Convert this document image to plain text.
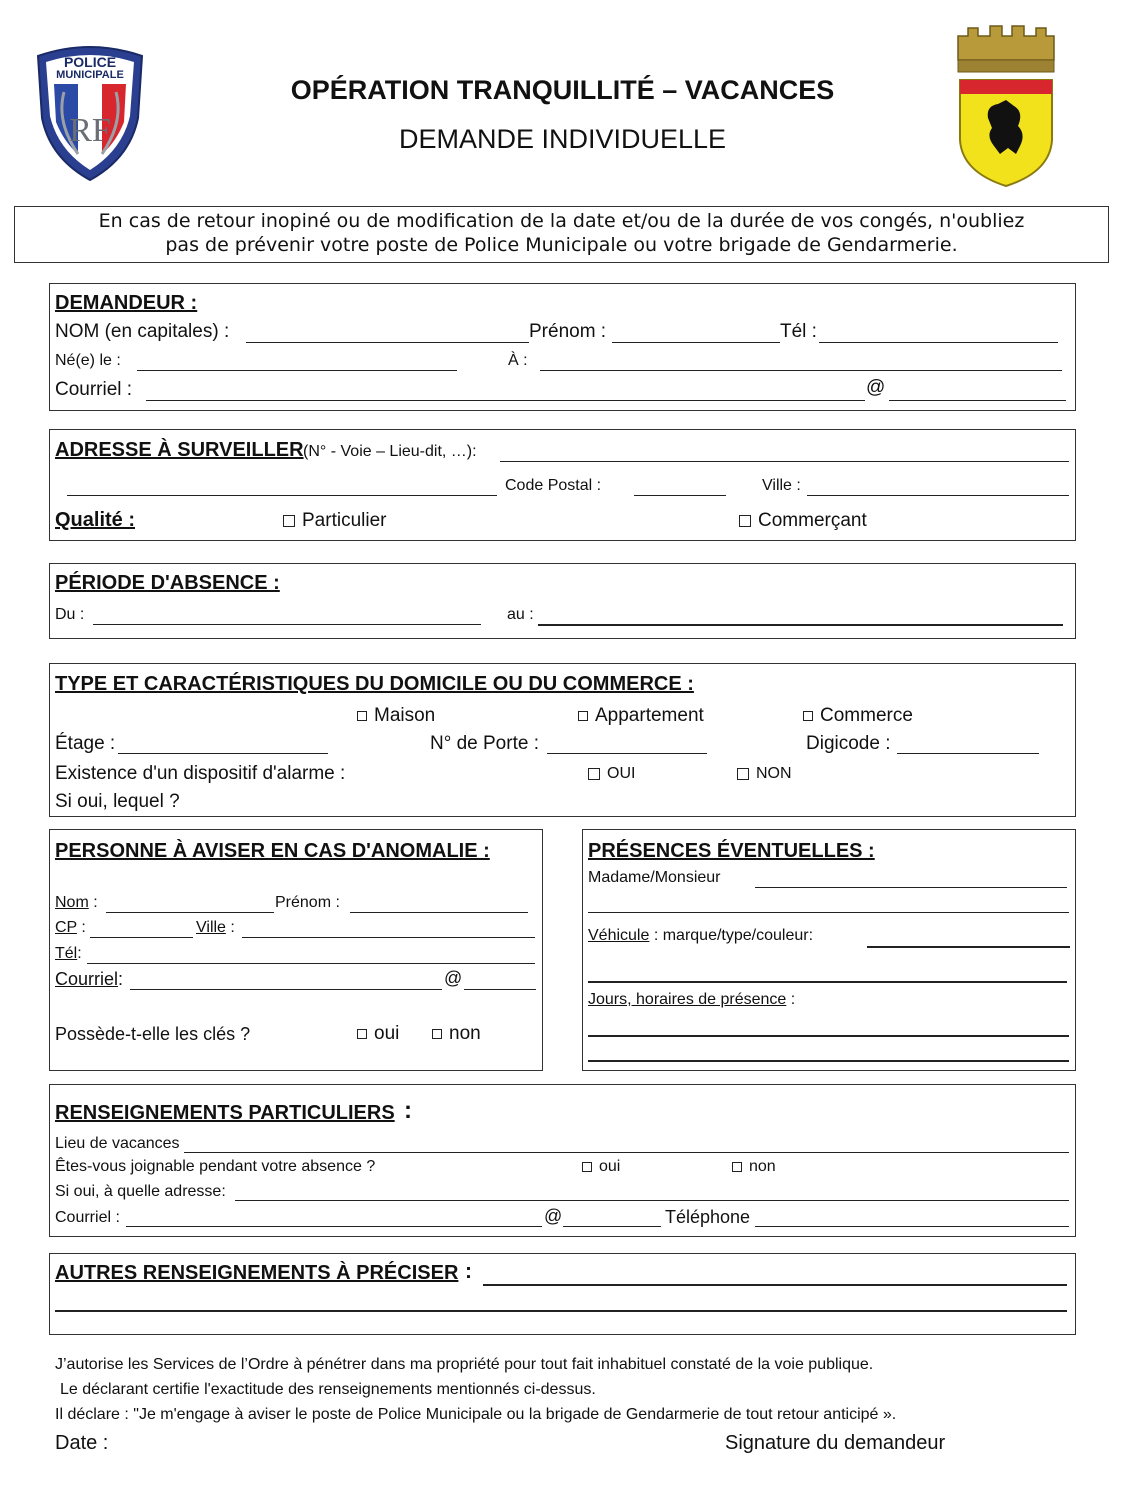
POLICE
MUNICIPALE
RF
OPÉRATION TRANQUILLITÉ – VACANCES
DEMANDE INDIVIDUELLE
En cas de retour inopiné ou de modification de la date et/ou de la durée de vos congés, n'oubliez
pas de prévenir votre poste de Police Municipale ou votre brigade de Gendarmerie.
DEMANDEUR :
NOM (en capitales) :	Prénom :	Tél :
Né(e) le :	À :
Courriel :	@
ADRESSE À SURVEILLER (N° - Voie – Lieu-dit, …):
Code Postal :	Ville :
Qualité :	Particulier	Commerçant
PÉRIODE D'ABSENCE :
Du :	au :
TYPE ET CARACTÉRISTIQUES DU DOMICILE OU DU COMMERCE :
Maison	Appartement	Commerce
Étage :	N° de Porte :	Digicode :
Existence d'un dispositif d'alarme :	OUI	NON
Si oui, lequel ?
PERSONNE À AVISER EN CAS D'ANOMALIE :
Nom :	Prénom :
CP :	Ville :
Tél:
Courriel:	@
Possède-t-elle les clés ?	oui	non
PRÉSENCES ÉVENTUELLES :
Madame/Monsieur
Véhicule : marque/type/couleur:
Jours, horaires de présence :
RENSEIGNEMENTS PARTICULIERS :
Lieu de vacances
Êtes-vous joignable pendant votre absence ?	oui	non
Si oui, à quelle adresse:
Courriel :	@	Téléphone
AUTRES RENSEIGNEMENTS À PRÉCISER :
J’autorise les Services de l’Ordre à pénétrer dans ma propriété pour tout fait inhabituel constaté de la voie publique.
Le déclarant certifie l'exactitude des renseignements mentionnés ci-dessus.
Il déclare : "Je m'engage à aviser le poste de Police Municipale ou la brigade de Gendarmerie de tout retour anticipé ».
Date :	Signature du demandeur
